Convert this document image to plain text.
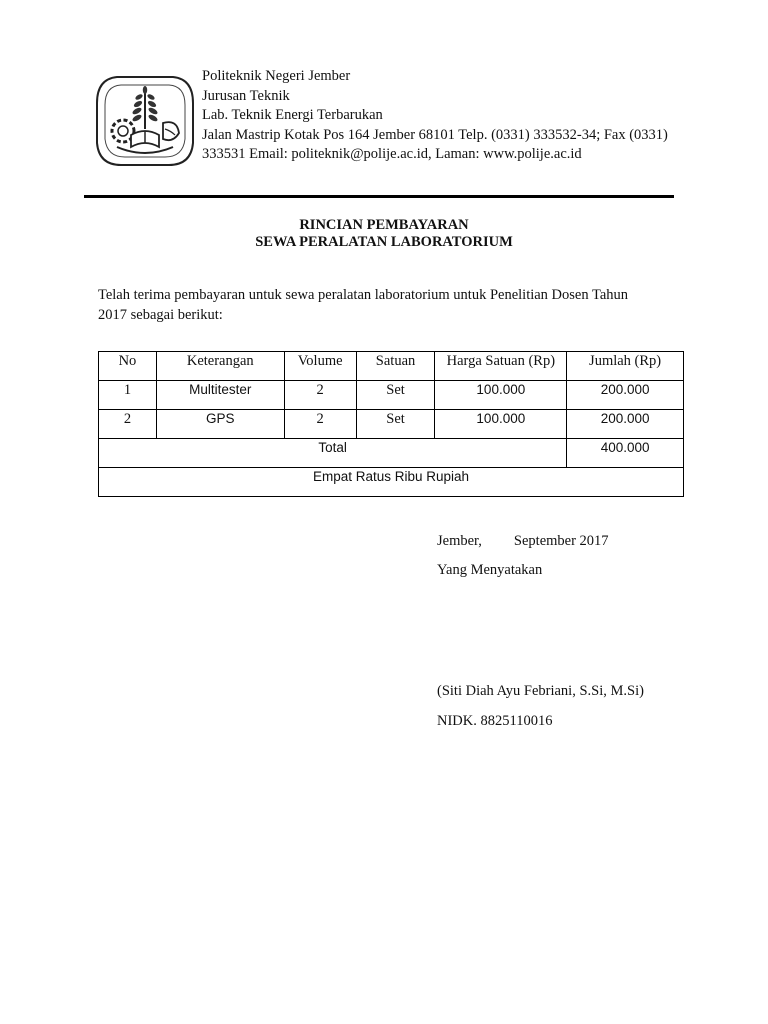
Politeknik Negeri Jember
Jurusan Teknik
Lab. Teknik Energi Terbarukan
Jalan Mastrip Kotak Pos 164 Jember 68101 Telp. (0331) 333532-34; Fax (0331)
333531 Email: politeknik@polije.ac.id, Laman: www.polije.ac.id
RINCIAN PEMBAYARAN
SEWA PERALATAN LABORATORIUM
Telah terima pembayaran untuk sewa peralatan laboratorium untuk Penelitian Dosen Tahun
2017 sebagai berikut:
No	Keterangan	Volume	Satuan	Harga Satuan (Rp)	Jumlah (Rp)
1	Multitester	2	Set	100.000	200.000
2	GPS	2	Set	100.000	200.000
Total					400.000
Empat Ratus Ribu Rupiah					
Jember, September 2017
Yang Menyatakan
(Siti Diah Ayu Febriani, S.Si, M.Si)
NIDK. 8825110016
